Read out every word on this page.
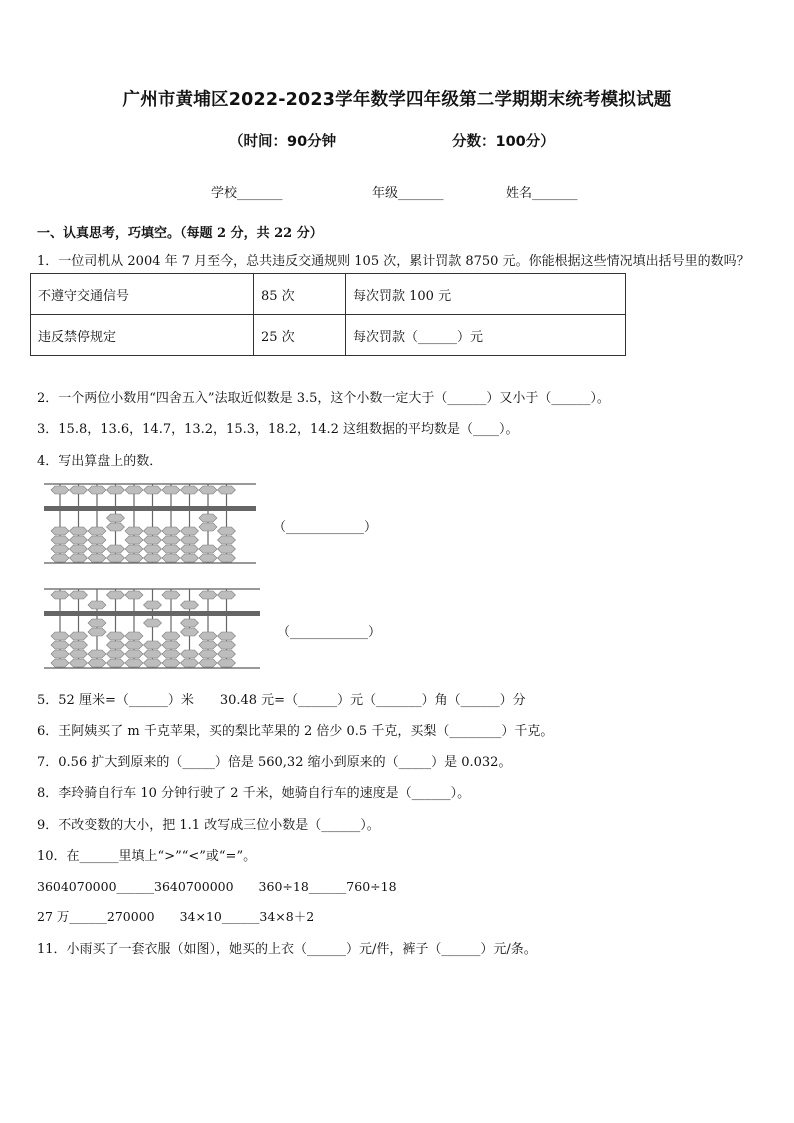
广州市黄埔区2022-2023学年数学四年级第二学期期末统考模拟试题
（时间：90分钟	分数：100分）
学校_______	年级_______	姓名_______
一、认真思考，巧填空。（每题 2 分，共 22 分）
1．一位司机从 2004 年 7 月至今，总共违反交通规则 105 次，累计罚款 8750 元。你能根据这些情况填出括号里的数吗？
不遵守交通信号	85 次	每次罚款 100 元
违反禁停规定	25 次	每次罚款（______）元
2．一个两位小数用“四舍五入”法取近似数是 3.5，这个小数一定大于（______）又小于（______）。
3．15.8，13.6，14.7，13.2，15.3，18.2，14.2 这组数据的平均数是（____）。
4．写出算盘上的数．
（____________）
（____________）
5．52 厘米=（______）米　　30.48 元=（______）元（_______）角（______）分
6．王阿姨买了 m 千克苹果，买的梨比苹果的 2 倍少 0.5 千克，买梨（________）千克。
7．0.56 扩大到原来的（_____）倍是 560,32 缩小到原来的（_____）是 0.032。
8．李玲骑自行车 10 分钟行驶了 2 千米，她骑自行车的速度是（______）。
9．不改变数的大小，把 1.1 改写成三位小数是（______）。
10．在______里填上“>”“<”或“=”。
3604070000______3640700000　　360÷18______760÷18
27 万______270000　　34×10______34×8＋2
11．小雨买了一套衣服（如图），她买的上衣（______）元/件，裤子（______）元/条。
